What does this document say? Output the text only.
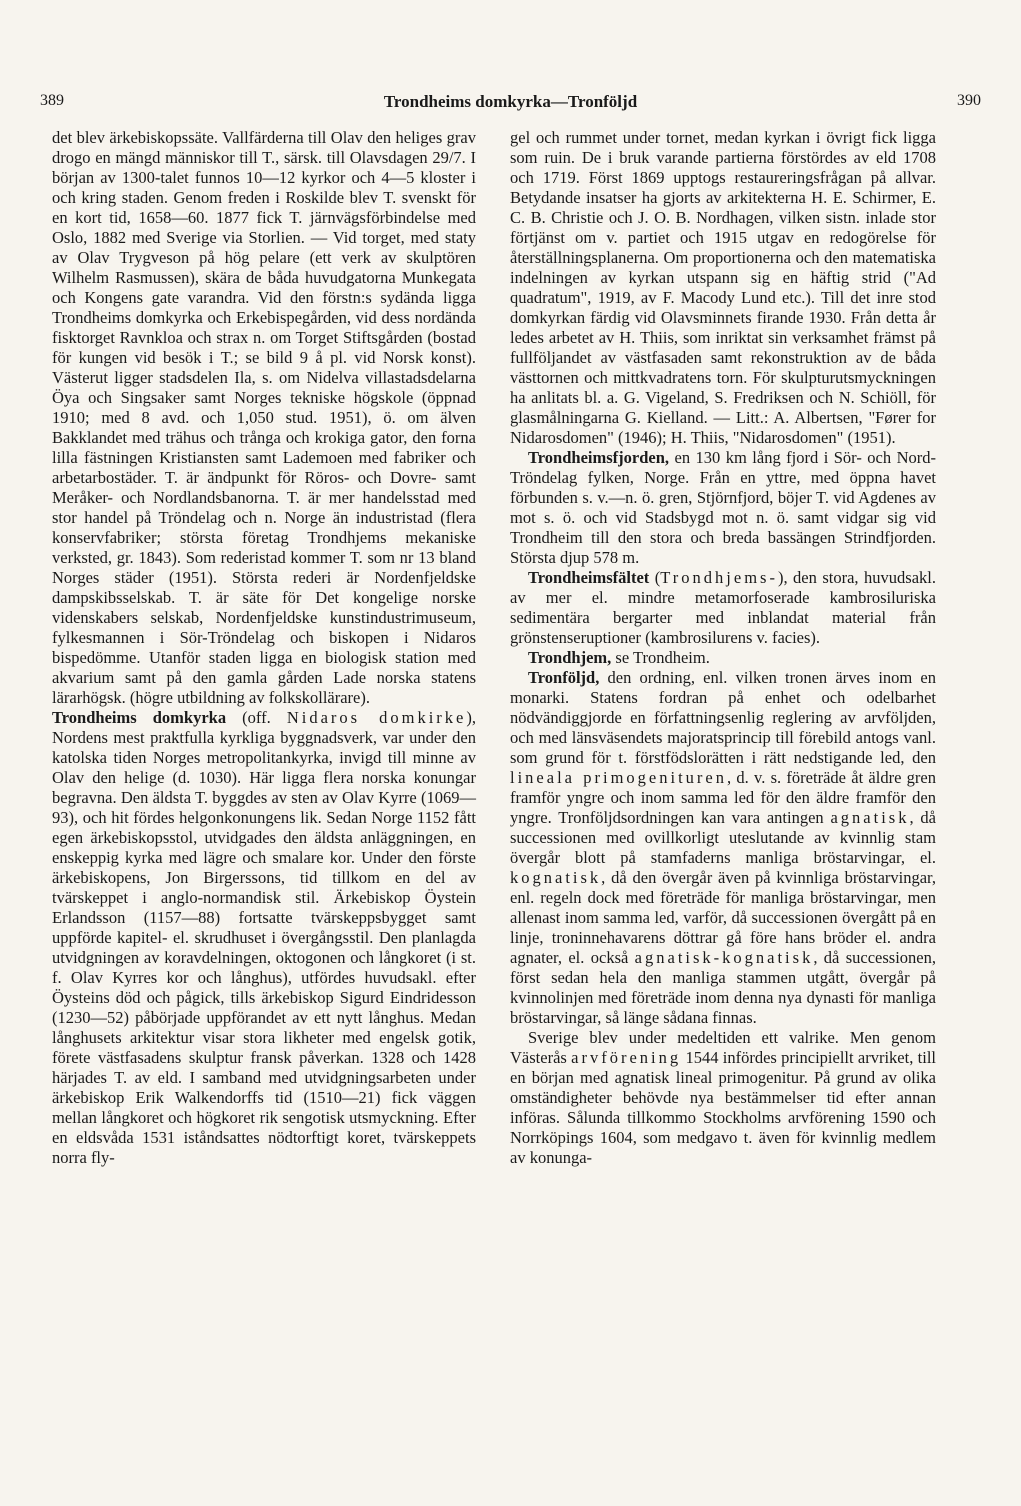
389	Trondheims domkyrka—Tronföljd	390

det blev ärkebiskopssäte. Vallfärderna till Olav den heliges grav drogo en mängd människor till T., särsk. till Olavsdagen 29/7. I början av 1300-talet funnos 10—12 kyrkor och 4—5 kloster i och kring staden. Genom freden i Roskilde blev T. svenskt för en kort tid, 1658—60. 1877 fick T. järnvägsförbindelse med Oslo, 1882 med Sverige via Storlien. — Vid torget, med staty av Olav Trygveson på hög pelare (ett verk av skulptören Wilhelm Rasmussen), skära de båda huvudgatorna Munkegata och Kongens gate varandra. Vid den förstn:s sydända ligga Trondheims domkyrka och Erkebispegården, vid dess nordända fisktorget Ravnkloa och strax n. om Torget Stiftsgården (bostad för kungen vid besök i T.; se bild 9 å pl. vid Norsk konst). Västerut ligger stadsdelen Ila, s. om Nidelva villastadsdelarna Öya och Singsaker samt Norges tekniske högskole (öppnad 1910; med 8 avd. och 1,050 stud. 1951), ö. om älven Bakklandet med trähus och trånga och krokiga gator, den forna lilla fästningen Kristiansten samt Lademoen med fabriker och arbetarbostäder. T. är ändpunkt för Röros- och Dovre- samt Meråker- och Nordlandsbanorna. T. är mer handelsstad med stor handel på Tröndelag och n. Norge än industristad (flera konservfabriker; största företag Trondhjems mekaniske verksted, gr. 1843). Som rederistad kommer T. som nr 13 bland Norges städer (1951). Största rederi är Nordenfjeldske dampskibsselskab. T. är säte för Det kongelige norske videnskabers selskab, Nordenfjeldske kunstindustrimuseum, fylkesmannen i Sör-Tröndelag och biskopen i Nidaros bispedömme. Utanför staden ligga en biologisk station med akvarium samt på den gamla gården Lade norska statens lärarhögsk. (högre utbildning av folkskollärare).

Trondheims domkyrka (off. Nidaros domkirke), Nordens mest praktfulla kyrkliga byggnadsverk, var under den katolska tiden Norges metropolitankyrka, invigd till minne av Olav den helige (d. 1030). Här ligga flera norska konungar begravna. Den äldsta T. byggdes av sten av Olav Kyrre (1069—93), och hit fördes helgonkonungens lik. Sedan Norge 1152 fått egen ärkebiskopsstol, utvidgades den äldsta anläggningen, en enskeppig kyrka med lägre och smalare kor. Under den förste ärkebiskopens, Jon Birgerssons, tid tillkom en del av tvärskeppet i anglo-normandisk stil. Ärkebiskop Öystein Erlandsson (1157—88) fortsatte tvärskeppsbygget samt uppförde kapitel- el. skrudhuset i övergångsstil. Den planlagda utvidgningen av koravdelningen, oktogonen och långkoret (i st. f. Olav Kyrres kor och långhus), utfördes huvudsakl. efter Öysteins död och pågick, tills ärkebiskop Sigurd Eindridesson (1230—52) påbörjade uppförandet av ett nytt långhus. Medan långhusets arkitektur visar stora likheter med engelsk gotik, förete västfasadens skulptur fransk påverkan. 1328 och 1428 härjades T. av eld. I samband med utvidgningsarbeten under ärkebiskop Erik Walkendorffs tid (1510—21) fick väggen mellan långkoret och högkoret rik sengotisk utsmyckning. Efter en eldsvåda 1531 iståndsattes nödtorftigt koret, tvärskeppets norra fly-

gel och rummet under tornet, medan kyrkan i övrigt fick ligga som ruin. De i bruk varande partierna förstördes av eld 1708 och 1719. Först 1869 upptogs restaureringsfrågan på allvar. Betydande insatser ha gjorts av arkitekterna H. E. Schirmer, E. C. B. Christie och J. O. B. Nordhagen, vilken sistn. inlade stor förtjänst om v. partiet och 1915 utgav en redogörelse för återställningsplanerna. Om proportionerna och den matematiska indelningen av kyrkan utspann sig en häftig strid ("Ad quadratum", 1919, av F. Macody Lund etc.). Till det inre stod domkyrkan färdig vid Olavsminnets firande 1930. Från detta år ledes arbetet av H. Thiis, som inriktat sin verksamhet främst på fullföljandet av västfasaden samt rekonstruktion av de båda västtornen och mittkvadratens torn. För skulpturutsmyckningen ha anlitats bl. a. G. Vigeland, S. Fredriksen och N. Schiöll, för glasmålningarna G. Kielland. — Litt.: A. Albertsen, "Fører for Nidarosdomen" (1946); H. Thiis, "Nidarosdomen" (1951).

Trondheimsfjorden, en 130 km lång fjord i Sör- och Nord-Tröndelag fylken, Norge. Från en yttre, med öppna havet förbunden s. v.—n. ö. gren, Stjörnfjord, böjer T. vid Agdenes av mot s. ö. och vid Stadsbygd mot n. ö. samt vidgar sig vid Trondheim till den stora och breda bassängen Strindfjorden. Största djup 578 m.

Trondheimsfältet (Trondhjems-), den stora, huvudsakl. av mer el. mindre metamorfoserade kambrosiluriska sedimentära bergarter med inblandat material från grönstenseruptioner (kambrosilurens v. facies).

Trondhjem, se Trondheim.

Tronföljd, den ordning, enl. vilken tronen ärves inom en monarki. Statens fordran på enhet och odelbarhet nödvändiggjorde en författningsenlig reglering av arvföljden, och med länsväsendets majoratsprincip till förebild antogs vanl. som grund för t. förstfödslorätten i rätt nedstigande led, den lineala primogenituren, d. v. s. företräde åt äldre gren framför yngre och inom samma led för den äldre framför den yngre. Tronföljdsordningen kan vara antingen agnatisk, då successionen med ovillkorligt uteslutande av kvinnlig stam övergår blott på stamfaderns manliga bröstarvingar, el. kognatisk, då den övergår även på kvinnliga bröstarvingar, enl. regeln dock med företräde för manliga bröstarvingar, men allenast inom samma led, varför, då successionen övergått på en linje, troninnehavarens döttrar gå före hans bröder el. andra agnater, el. också agnatisk-kognatisk, då successionen, först sedan hela den manliga stammen utgått, övergår på kvinnolinjen med företräde inom denna nya dynasti för manliga bröstarvingar, så länge sådana finnas.

Sverige blev under medeltiden ett valrike. Men genom Västerås arvförening 1544 infördes principiellt arvriket, till en början med agnatisk lineal primogenitur. På grund av olika omständigheter behövde nya bestämmelser tid efter annan införas. Sålunda tillkommo Stockholms arvförening 1590 och Norrköpings 1604, som medgavo t. även för kvinnlig medlem av konunga-
